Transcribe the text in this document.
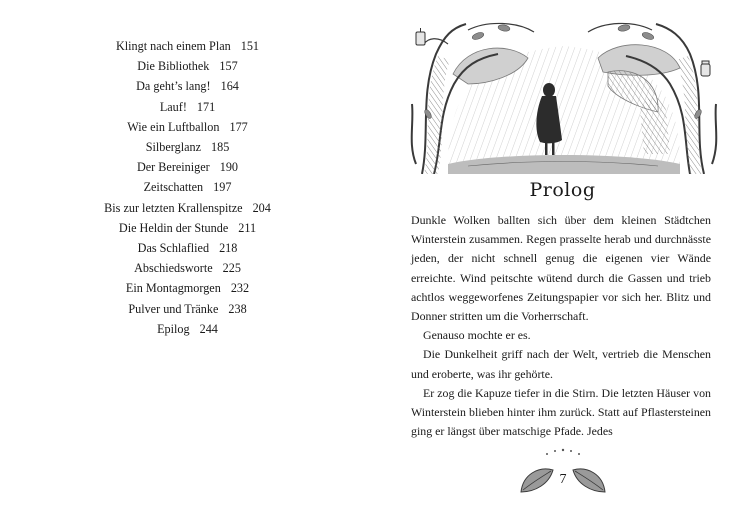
Klingt nach einem Plan 151
Die Bibliothek 157
Da geht’s lang! 164
Lauf! 171
Wie ein Luftballon 177
Silberglanz 185
Der Bereiniger 190
Zeitschatten 197
Bis zur letzten Krallenspitze 204
Die Heldin der Stunde 211
Das Schlaflied 218
Abschiedsworte 225
Ein Montagmorgen 232
Pulver und Tränke 238
Epilog 244
Prolog

Dunkle Wolken ballten sich über dem kleinen Städtchen Winterstein zusammen. Regen prasselte herab und durchnässte jeden, der nicht schnell genug die eigenen vier Wände erreichte. Wind peitschte wütend durch die Gassen und trieb achtlos weggeworfenes Zeitungspapier vor sich her. Blitz und Donner stritten um die Vorherrschaft.

Genauso mochte er es.

Die Dunkelheit griff nach der Welt, vertrieb die Menschen und eroberte, was ihr gehörte.

Er zog die Kapuze tiefer in die Stirn. Die letzten Häuser von Winterstein blieben hinter ihm zurück. Statt auf Pflastersteinen ging er längst über matschige Pfade. Jedes

7
